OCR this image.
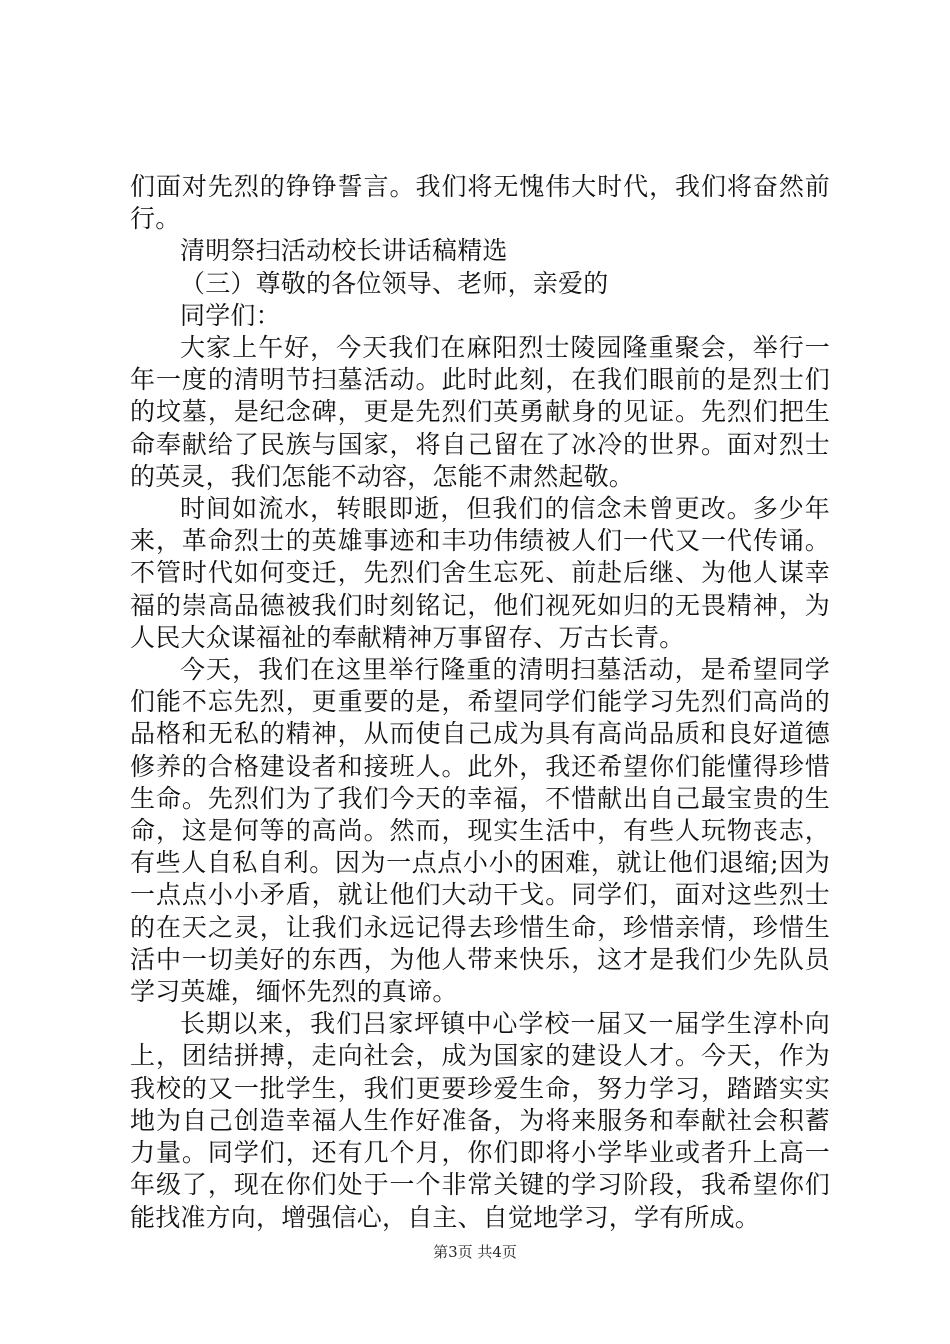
们面对先烈的铮铮誓言。我们将无愧伟大时代，我们将奋然前行。

清明祭扫活动校长讲话稿精选

（三）尊敬的各位领导、老师，亲爱的

同学们：

大家上午好，今天我们在麻阳烈士陵园隆重聚会，举行一年一度的清明节扫墓活动。此时此刻，在我们眼前的是烈士们的坟墓，是纪念碑，更是先烈们英勇献身的见证。先烈们把生命奉献给了民族与国家，将自己留在了冰冷的世界。面对烈士的英灵，我们怎能不动容，怎能不肃然起敬。

时间如流水，转眼即逝，但我们的信念未曾更改。多少年来，革命烈士的英雄事迹和丰功伟绩被人们一代又一代传诵。不管时代如何变迁，先烈们舍生忘死、前赴后继、为他人谋幸福的崇高品德被我们时刻铭记，他们视死如归的无畏精神，为人民大众谋福祉的奉献精神万事留存、万古长青。

今天，我们在这里举行隆重的清明扫墓活动，是希望同学们能不忘先烈，更重要的是，希望同学们能学习先烈们高尚的品格和无私的精神，从而使自己成为具有高尚品质和良好道德修养的合格建设者和接班人。此外，我还希望你们能懂得珍惜生命。先烈们为了我们今天的幸福，不惜献出自己最宝贵的生命，这是何等的高尚。然而，现实生活中，有些人玩物丧志，有些人自私自利。因为一点点小小的困难，就让他们退缩;因为一点点小小矛盾，就让他们大动干戈。同学们，面对这些烈士的在天之灵，让我们永远记得去珍惜生命，珍惜亲情，珍惜生活中一切美好的东西，为他人带来快乐，这才是我们少先队员学习英雄，缅怀先烈的真谛。

长期以来，我们吕家坪镇中心学校一届又一届学生淳朴向上，团结拼搏，走向社会，成为国家的建设人才。今天，作为我校的又一批学生，我们更要珍爱生命，努力学习，踏踏实实地为自己创造幸福人生作好准备，为将来服务和奉献社会积蓄力量。同学们，还有几个月，你们即将小学毕业或者升上高一年级了，现在你们处于一个非常关键的学习阶段，我希望你们能找准方向，增强信心，自主、自觉地学习，学有所成。

第3页 共4页
